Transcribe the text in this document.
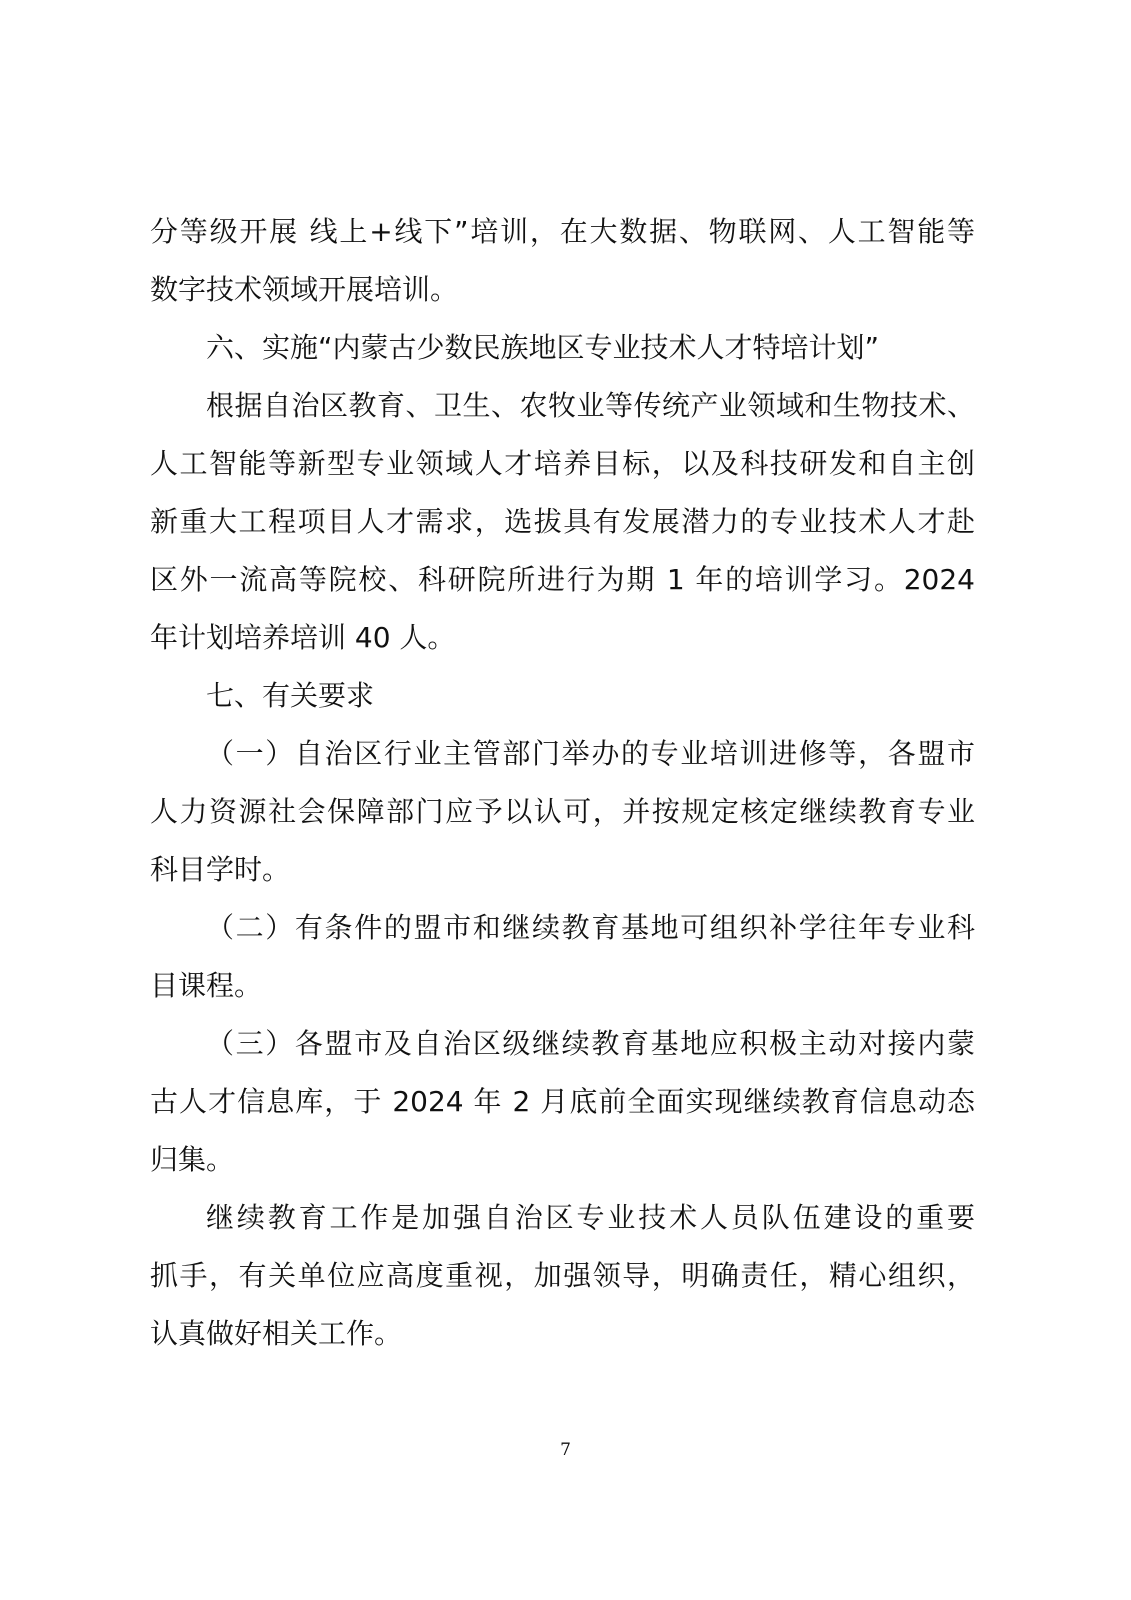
分等级开展 线上+线下”培训，在大数据、物联网、人工智能等
数字技术领域开展培训。
六、实施“内蒙古少数民族地区专业技术人才特培计划”
根据自治区教育、卫生、农牧业等传统产业领域和生物技术、
人工智能等新型专业领域人才培养目标，以及科技研发和自主创
新重大工程项目人才需求，选拔具有发展潜力的专业技术人才赴
区外一流高等院校、科研院所进行为期 1 年的培训学习。2024
年计划培养培训 40 人。
七、有关要求
（一）自治区行业主管部门举办的专业培训进修等，各盟市
人力资源社会保障部门应予以认可，并按规定核定继续教育专业
科目学时。
（二）有条件的盟市和继续教育基地可组织补学往年专业科
目课程。
（三）各盟市及自治区级继续教育基地应积极主动对接内蒙
古人才信息库，于 2024 年 2 月底前全面实现继续教育信息动态
归集。
继续教育工作是加强自治区专业技术人员队伍建设的重要
抓手，有关单位应高度重视，加强领导，明确责任，精心组织，
认真做好相关工作。
7
